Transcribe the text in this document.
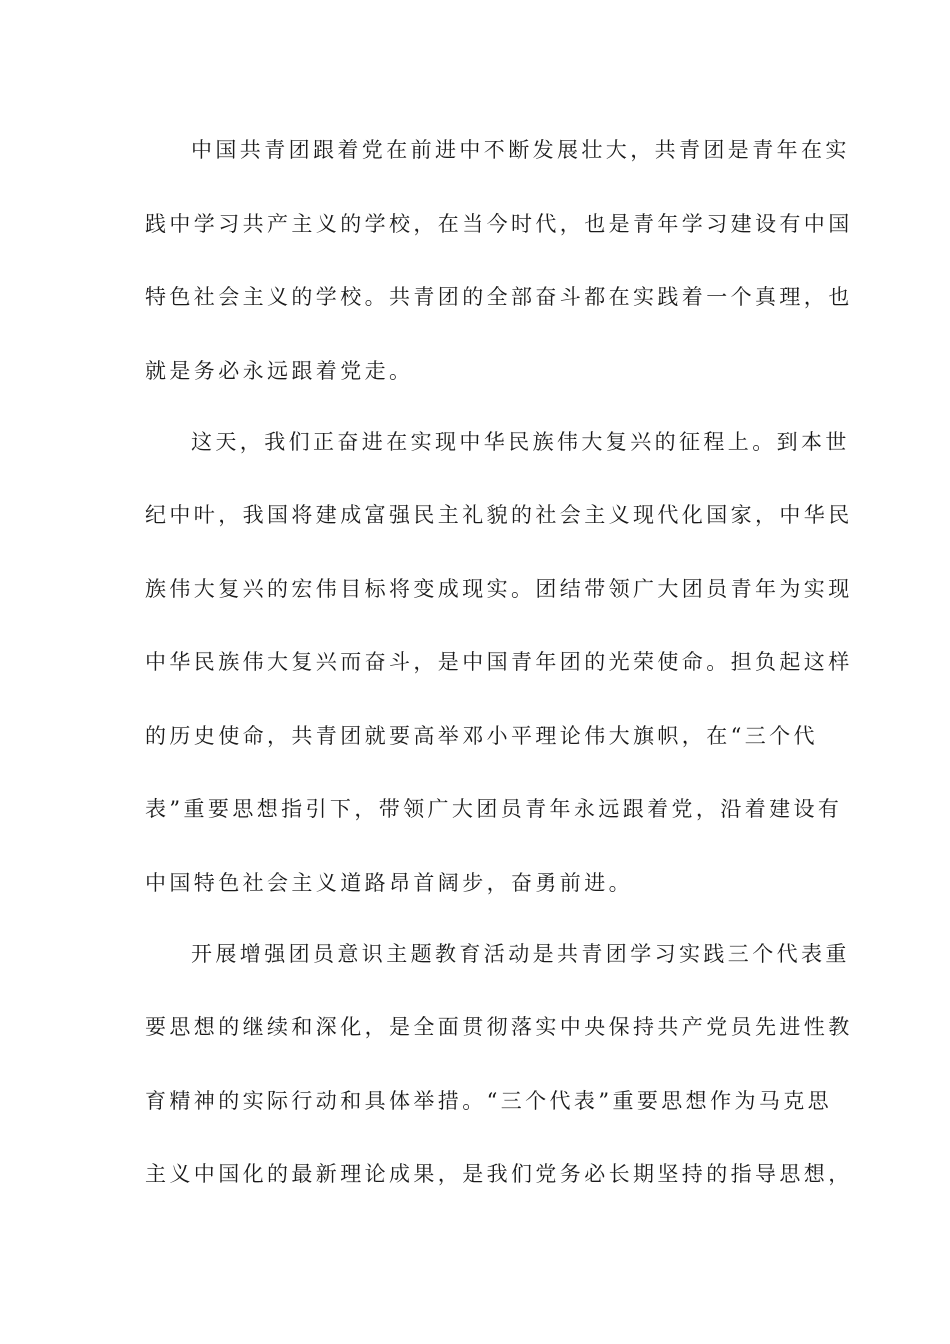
中国共青团跟着党在前进中不断发展壮大，共青团是青年在实
践中学习共产主义的学校，在当今时代，也是青年学习建设有中国
特色社会主义的学校。共青团的全部奋斗都在实践着一个真理，也
就是务必永远跟着党走。
这天，我们正奋进在实现中华民族伟大复兴的征程上。到本世
纪中叶，我国将建成富强民主礼貌的社会主义现代化国家，中华民
族伟大复兴的宏伟目标将变成现实。团结带领广大团员青年为实现
中华民族伟大复兴而奋斗，是中国青年团的光荣使命。担负起这样
的历史使命，共青团就要高举邓小平理论伟大旗帜，在“三个代
表”重要思想指引下，带领广大团员青年永远跟着党，沿着建设有
中国特色社会主义道路昂首阔步，奋勇前进。
开展增强团员意识主题教育活动是共青团学习实践三个代表重
要思想的继续和深化，是全面贯彻落实中央保持共产党员先进性教
育精神的实际行动和具体举措。“三个代表”重要思想作为马克思
主义中国化的最新理论成果，是我们党务必长期坚持的指导思想，
